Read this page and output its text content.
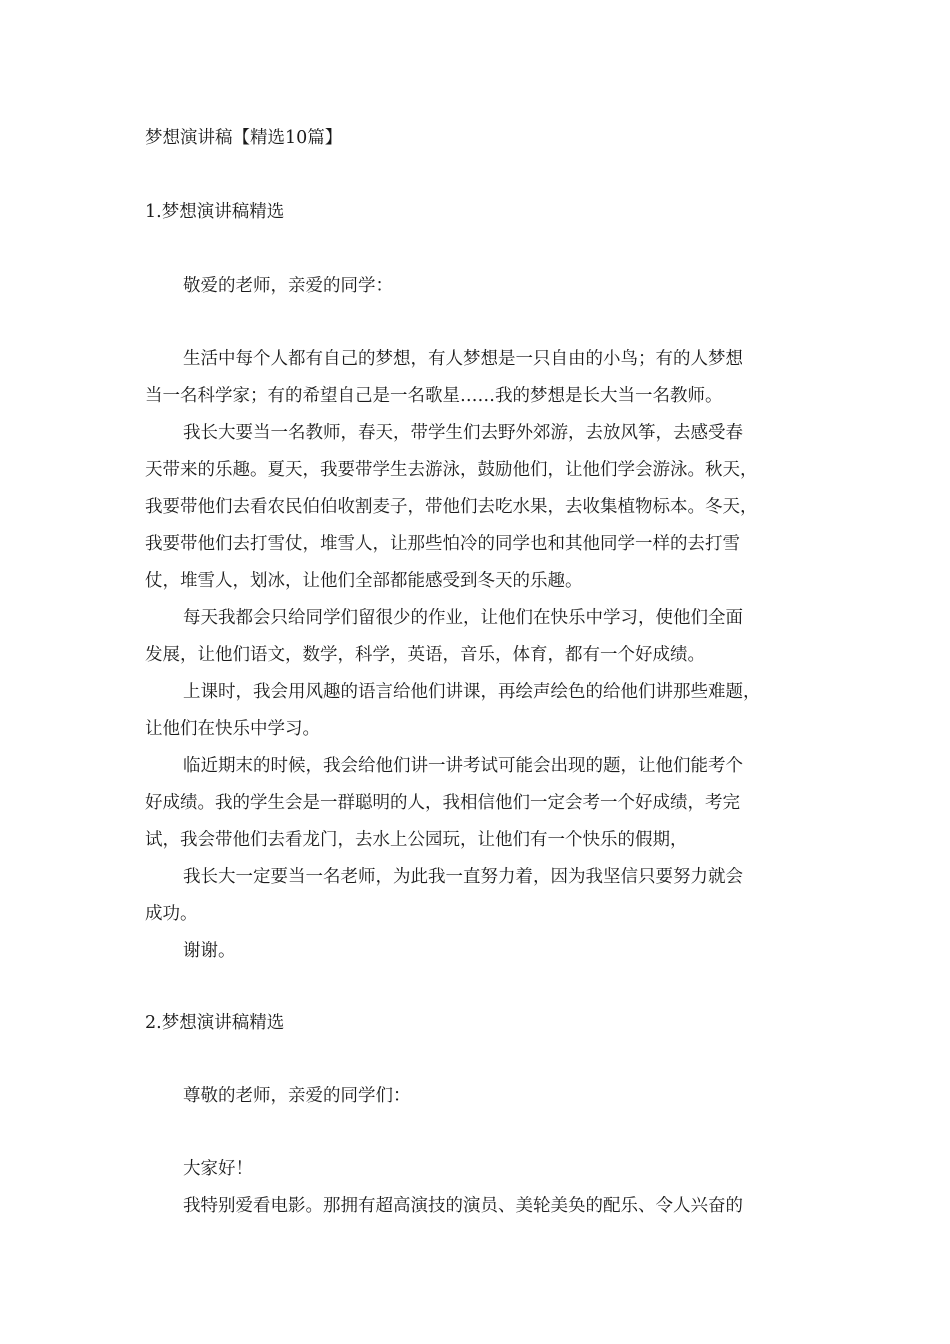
梦想演讲稿【精选10篇】
1.梦想演讲稿精选
敬爱的老师，亲爱的同学：
生活中每个人都有自己的梦想，有人梦想是一只自由的小鸟；有的人梦想
当一名科学家；有的希望自己是一名歌星……我的梦想是长大当一名教师。
我长大要当一名教师，春天，带学生们去野外郊游，去放风筝，去感受春
天带来的乐趣。夏天，我要带学生去游泳，鼓励他们，让他们学会游泳。秋天，
我要带他们去看农民伯伯收割麦子，带他们去吃水果，去收集植物标本。冬天，
我要带他们去打雪仗，堆雪人，让那些怕冷的同学也和其他同学一样的去打雪
仗，堆雪人，划冰，让他们全部都能感受到冬天的乐趣。
每天我都会只给同学们留很少的作业，让他们在快乐中学习，使他们全面
发展，让他们语文，数学，科学，英语，音乐，体育，都有一个好成绩。
上课时，我会用风趣的语言给他们讲课，再绘声绘色的给他们讲那些难题，
让他们在快乐中学习。
临近期末的时候，我会给他们讲一讲考试可能会出现的题，让他们能考个
好成绩。我的学生会是一群聪明的人，我相信他们一定会考一个好成绩，考完
试，我会带他们去看龙门，去水上公园玩，让他们有一个快乐的假期，
我长大一定要当一名老师，为此我一直努力着，因为我坚信只要努力就会
成功。
谢谢。
2.梦想演讲稿精选
尊敬的老师，亲爱的同学们：
大家好！
我特别爱看电影。那拥有超高演技的演员、美轮美奂的配乐、令人兴奋的
